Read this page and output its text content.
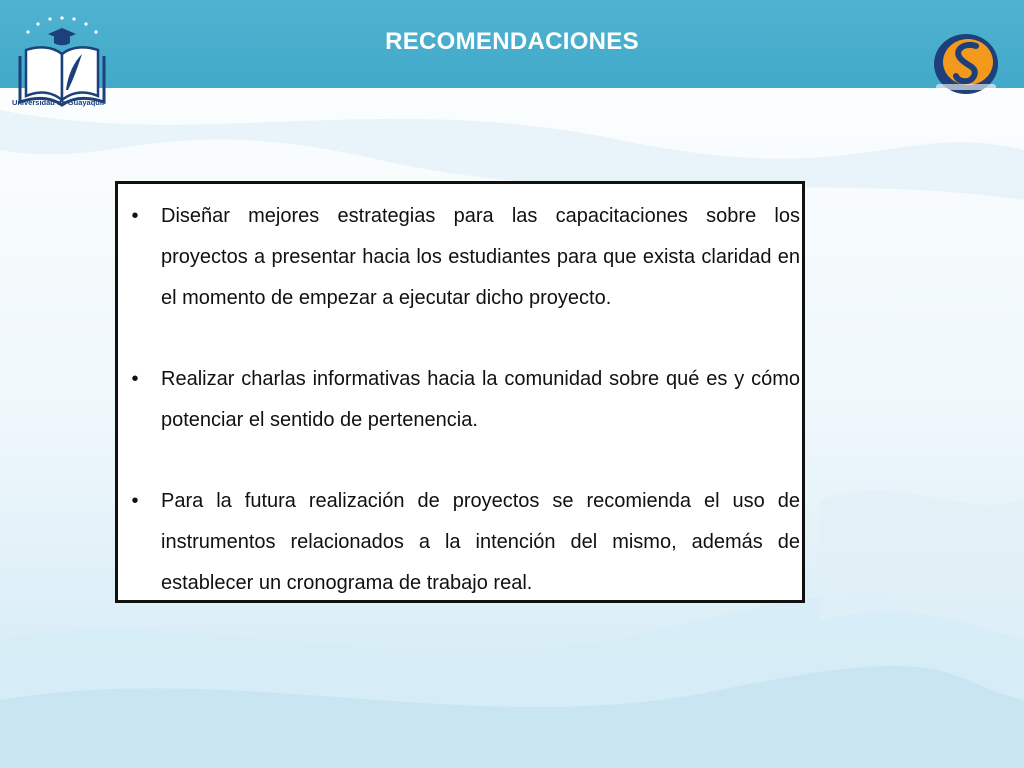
RECOMENDACIONES
Universidad de Guayaquil
• Diseñar mejores estrategias para las capacitaciones sobre los proyectos a presentar hacia los estudiantes para que exista claridad en el momento de empezar a ejecutar dicho proyecto.
• Realizar charlas informativas hacia la comunidad sobre qué es y cómo potenciar el sentido de pertenencia.
• Para la futura realización de proyectos se recomienda el uso de instrumentos relacionados a la intención del mismo, además de establecer un cronograma de trabajo real.
